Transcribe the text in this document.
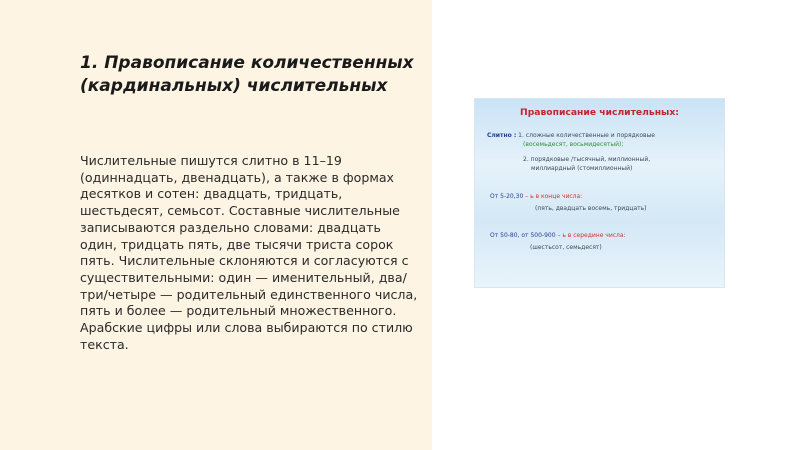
1. Правописание количественных (кардинальных) числительных

Числительные пишутся слитно в 11–19 (одиннадцать, двенадцать), а также в формах десятков и сотен: двадцать, тридцать, шестьдесят, семьсот. Составные числительные записываются раздельно словами: двадцать один, тридцать пять, две тысячи триста сорок пять. Числительные склоняются и согласуются с существительными: один — именительный, два/три/четыре — родительный единственного числа, пять и более — родительный множественного. Арабские цифры или слова выбираются по стилю текста.

Правописание числительных:

Слитно : 1. сложные количественные и порядковые
(восемьдесят, восьмидесятый);
2. порядковые /тысячный, миллионный,
миллиардный (стомиллионный)
От 5-20,30 – ь в конце числа:
(пять, двадцать восемь, тридцать)
От 50-80, от 500-900 – ь в середине числа:
(шестьсот, семьдесят)
